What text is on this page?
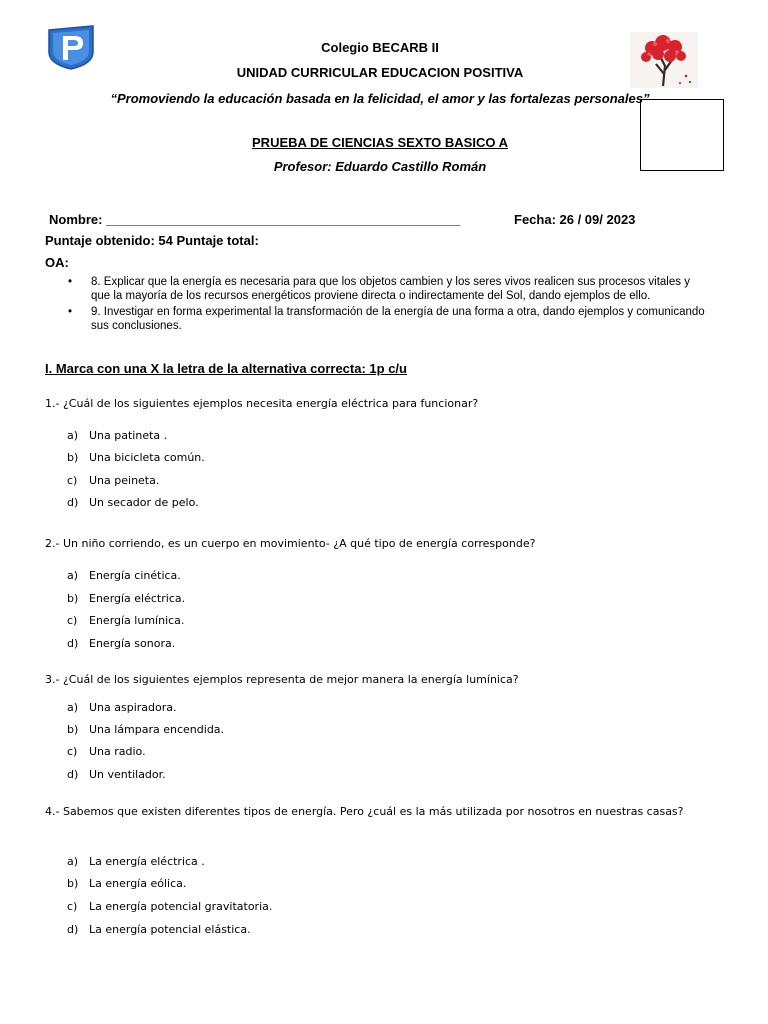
Colegio BECARB II
UNIDAD CURRICULAR EDUCACION POSITIVA
“Promoviendo la educación basada en la felicidad, el amor y las fortalezas personales”
PRUEBA DE CIENCIAS SEXTO BASICO A
Profesor: Eduardo Castillo Román
Nombre: _________________________________________________	Fecha: 26 / 09/ 2023
Puntaje obtenido: 54 Puntaje total:
OA:
• 8. Explicar que la energía es necesaria para que los objetos cambien y los seres vivos realicen sus procesos vitales y que la mayoría de los recursos energéticos proviene directa o indirectamente del Sol, dando ejemplos de ello.
• 9. Investigar en forma experimental la transformación de la energía de una forma a otra, dando ejemplos y comunicando sus conclusiones.
I. Marca con una X la letra de la alternativa correcta: 1p c/u
1.- ¿Cuál de los siguientes ejemplos necesita energía eléctrica para funcionar?
a) Una patineta .
b) Una bicicleta común.
c) Una peineta.
d) Un secador de pelo.
2.- Un niño corriendo, es un cuerpo en movimiento- ¿A qué tipo de energía corresponde?
a) Energía cinética.
b) Energía eléctrica.
c) Energía lumínica.
d) Energía sonora.
3.- ¿Cuál de los siguientes ejemplos representa de mejor manera la energía lumínica?
a) Una aspiradora.
b) Una lámpara encendida.
c) Una radio.
d) Un ventilador.
4.- Sabemos que existen diferentes tipos de energía. Pero ¿cuál es la más utilizada por nosotros en nuestras casas?
a) La energía eléctrica .
b) La energía eólica.
c) La energía potencial gravitatoria.
d) La energía potencial elástica.
